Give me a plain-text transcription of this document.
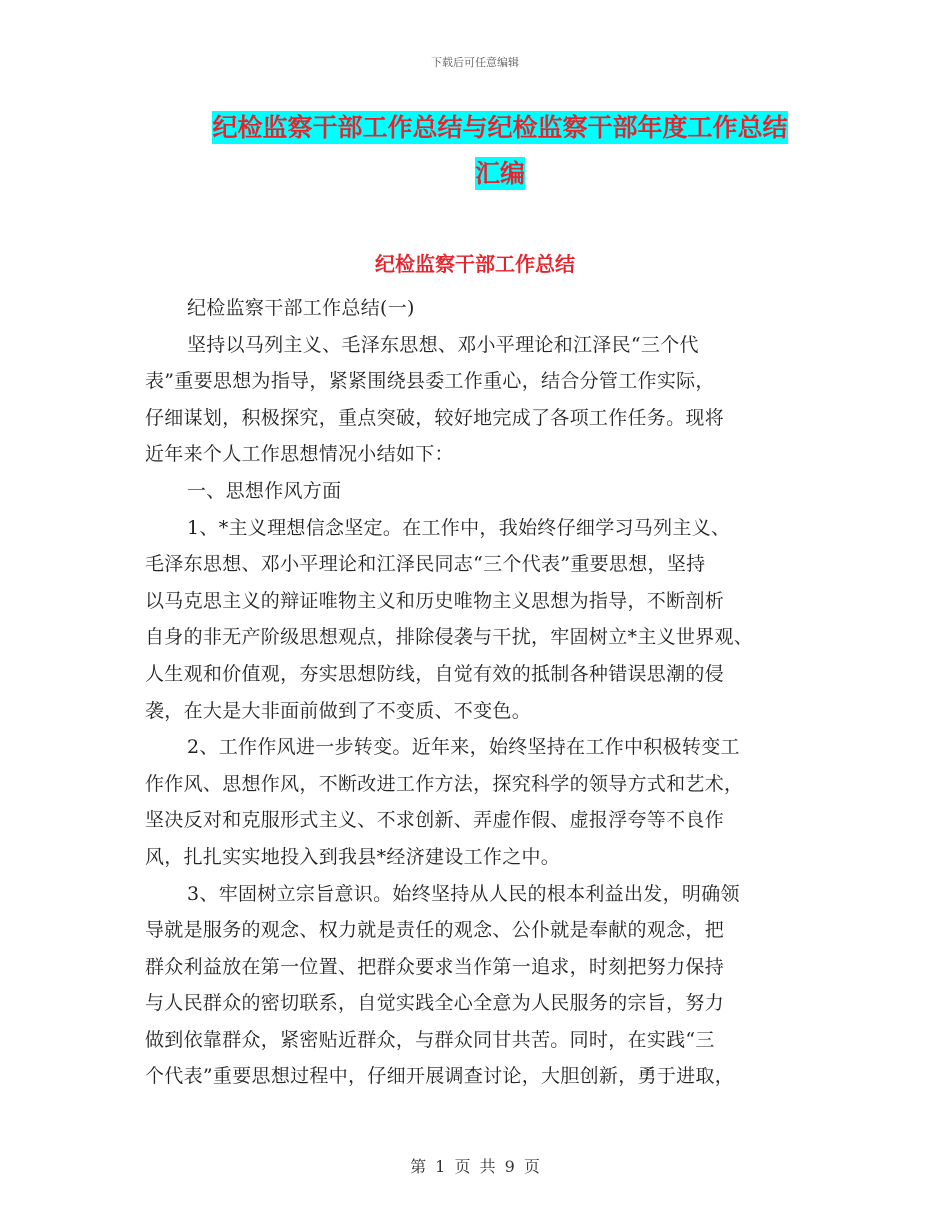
下载后可任意编辑
纪检监察干部工作总结与纪检监察干部年度工作总结
汇编
纪检监察干部工作总结
纪检监察干部工作总结(一)
坚持以马列主义、毛泽东思想、邓小平理论和江泽民“三个代
表”重要思想为指导，紧紧围绕县委工作重心，结合分管工作实际，
仔细谋划，积极探究，重点突破，较好地完成了各项工作任务。现将
近年来个人工作思想情况小结如下：
一、思想作风方面
1、*主义理想信念坚定。在工作中，我始终仔细学习马列主义、
毛泽东思想、邓小平理论和江泽民同志“三个代表”重要思想，坚持
以马克思主义的辩证唯物主义和历史唯物主义思想为指导，不断剖析
自身的非无产阶级思想观点，排除侵袭与干扰，牢固树立*主义世界观、
人生观和价值观，夯实思想防线，自觉有效的抵制各种错误思潮的侵
袭，在大是大非面前做到了不变质、不变色。
2、工作作风进一步转变。近年来，始终坚持在工作中积极转变工
作作风、思想作风，不断改进工作方法，探究科学的领导方式和艺术，
坚决反对和克服形式主义、不求创新、弄虚作假、虚报浮夸等不良作
风，扎扎实实地投入到我县*经济建设工作之中。
3、牢固树立宗旨意识。始终坚持从人民的根本利益出发，明确领
导就是服务的观念、权力就是责任的观念、公仆就是奉献的观念，把
群众利益放在第一位置、把群众要求当作第一追求，时刻把努力保持
与人民群众的密切联系，自觉实践全心全意为人民服务的宗旨，努力
做到依靠群众，紧密贴近群众，与群众同甘共苦。同时，在实践“三
个代表”重要思想过程中，仔细开展调查讨论，大胆创新，勇于进取，
第 1 页 共 9 页
